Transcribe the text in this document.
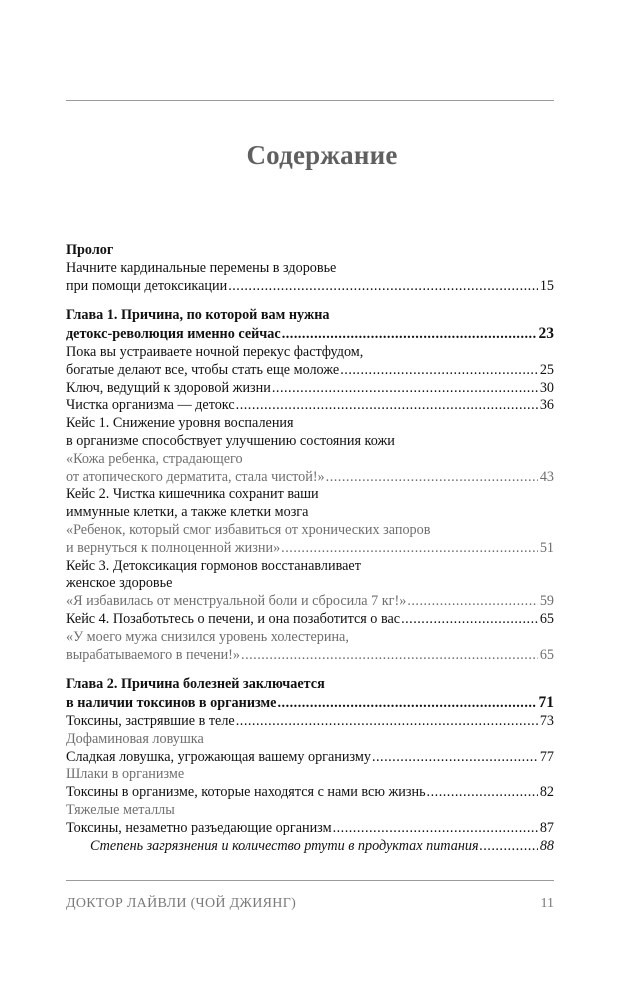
Содержание
Пролог
Начните кардинальные перемены в здоровье
при помощи детоксикации .....	15
Глава 1. Причина, по которой вам нужна
детокс-революция именно сейчас .....	23
Пока вы устраиваете ночной перекус фастфудом,
богатые делают все, чтобы стать еще моложе .....	25
Ключ, ведущий к здоровой жизни .....	30
Чистка организма — детокс .....	36
Кейс 1. Снижение уровня воспаления
в организме способствует улучшению состояния кожи
«Кожа ребенка, страдающего
от атопического дерматита, стала чистой!» .....	43
Кейс 2. Чистка кишечника сохранит ваши
иммунные клетки, а также клетки мозга
«Ребенок, который смог избавиться от хронических запоров
и вернуться к полноценной жизни» .....	51
Кейс 3. Детоксикация гормонов восстанавливает
женское здоровье
«Я избавилась от менструальной боли и сбросила 7 кг!» .....	59
Кейс 4. Позаботьтесь о печени, и она позаботится о вас .....	65
«У моего мужа снизился уровень холестерина,
вырабатываемого в печени!» .....	65
Глава 2. Причина болезней заключается
в наличии токсинов в организме .....	71
Токсины, застрявшие в теле .....	73
Дофаминовая ловушка
Сладкая ловушка, угрожающая вашему организму .....	77
Шлаки в организме
Токсины в организме, которые находятся с нами всю жизнь .....	82
Тяжелые металлы
Токсины, незаметно разъедающие организм .....	87
Степень загрязнения и количество ртути в продуктах питания .....	88
ДОКТОР ЛАЙВЛИ (ЧОЙ ДЖИЯНГ)	11
